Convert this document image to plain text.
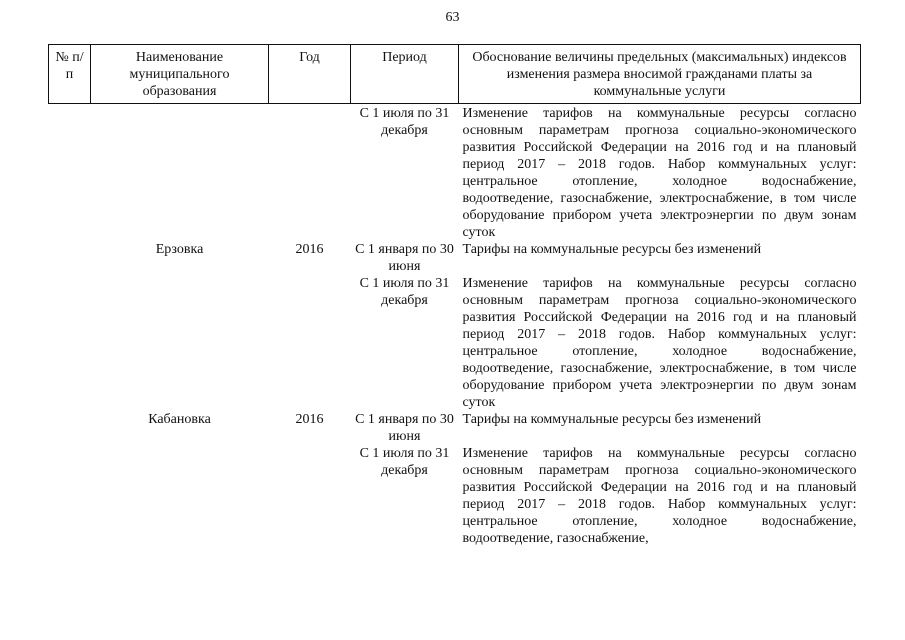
63
№ п/п	Наименование муниципального образования	Год	Период	Обоснование величины предельных (максимальных) индексов изменения размера вносимой гражданами платы за коммунальные услуги
			С 1 июля по 31 декабря	Изменение тарифов на коммунальные ресурсы согласно основным параметрам прогноза социально-экономического развития Российской Федерации на 2016 год и на плановый период 2017 – 2018 годов. Набор коммунальных услуг: центральное отопление, холодное водоснабжение, водоотведение, газоснабжение, электроснабжение, в том числе оборудование прибором учета электроэнергии по двум зонам суток
	Ерзовка	2016	С 1 января по 30 июня	Тарифы на коммунальные ресурсы без изменений
			С 1 июля по 31 декабря	Изменение тарифов на коммунальные ресурсы согласно основным параметрам прогноза социально-экономического развития Российской Федерации на 2016 год и на плановый период 2017 – 2018 годов. Набор коммунальных услуг: центральное отопление, холодное водоснабжение, водоотведение, газоснабжение, электроснабжение, в том числе оборудование прибором учета электроэнергии по двум зонам суток
	Кабановка	2016	С 1 января по 30 июня	Тарифы на коммунальные ресурсы без изменений
			С 1 июля по 31 декабря	Изменение тарифов на коммунальные ресурсы согласно основным параметрам прогноза социально-экономического развития Российской Федерации на 2016 год и на плановый период 2017 – 2018 годов. Набор коммунальных услуг: центральное отопление, холодное водоснабжение, водоотведение, газоснабжение,
